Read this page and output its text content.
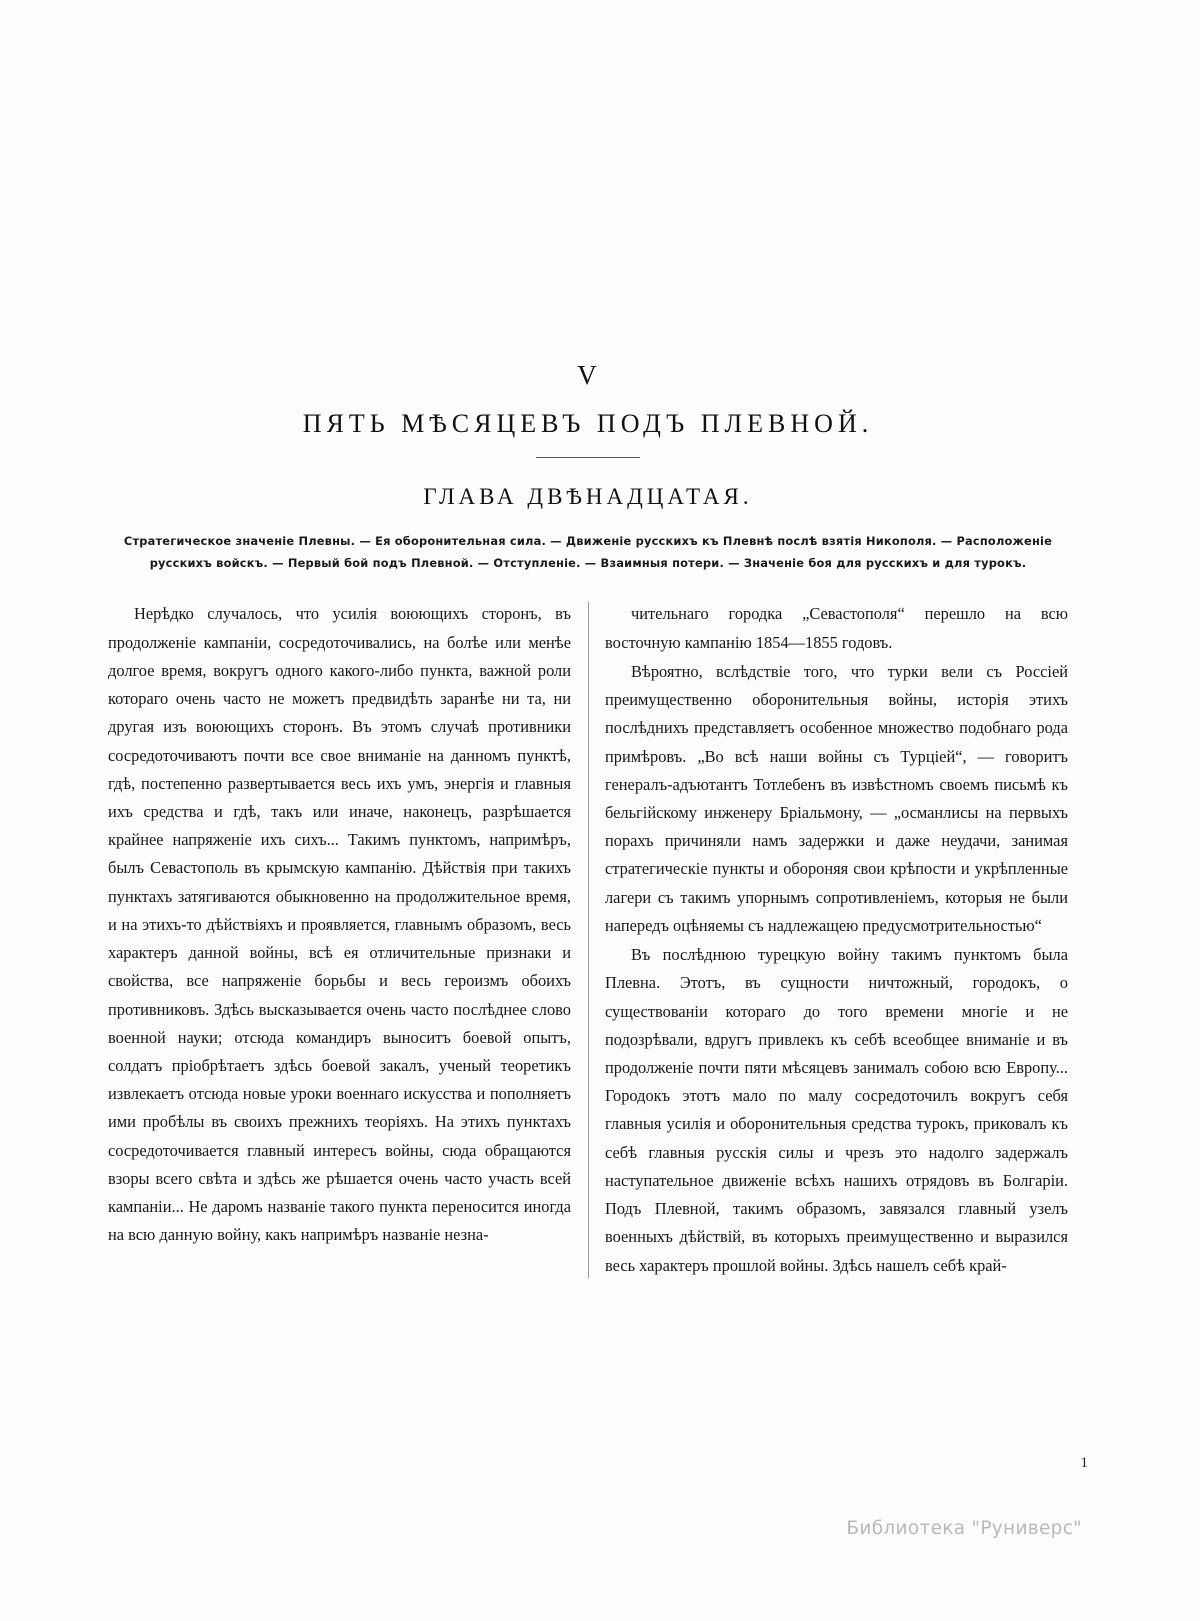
V
ПЯТЬ МѢСЯЦЕВЪ ПОДЪ ПЛЕВНОЙ.
ГЛАВА ДВѢНАДЦАТАЯ.
Стратегическое значеніе Плевны. — Ея оборонительная сила. — Движеніе русскихъ къ Плевнѣ послѣ взятія Никополя. — Расположеніе русскихъ войскъ. — Первый бой подъ Плевной. — Отступленіе. — Взаимныя потери. — Значеніе боя для русскихъ и для турокъ.

Нерѣдко случалось, что усилія воюющихъ сторонъ, въ продолженіе кампаніи, сосредоточивались, на болѣе или менѣе долгое время, вокругъ одного какого-либо пункта, важной роли котораго очень часто не можетъ предвидѣть заранѣе ни та, ни другая изъ воюющихъ сторонъ. Въ этомъ случаѣ противники сосредоточиваютъ почти все свое вниманіе на данномъ пунктѣ, гдѣ, постепенно развертывается весь ихъ умъ, энергія и главныя ихъ средства и гдѣ, такъ или иначе, наконецъ, разрѣшается крайнее напряженіе ихъ сихъ... Такимъ пунктомъ, напримѣръ, былъ Севастополь въ крымскую кампанію. Дѣйствія при такихъ пунктахъ затягиваются обыкновенно на продолжительное время, и на этихъ-то дѣйствіяхъ и проявляется, главнымъ образомъ, весь характеръ данной войны, всѣ ея отличительные признаки и свойства, все напряженіе борьбы и весь героизмъ обоихъ противниковъ. Здѣсь высказывается очень часто послѣднее слово военной науки; отсюда командиръ выноситъ боевой опытъ, солдатъ пріобрѣтаетъ здѣсь боевой закалъ, ученый теоретикъ извлекаетъ отсюда новые уроки военнаго искусства и пополняетъ ими пробѣлы въ своихъ прежнихъ теоріяхъ. На этихъ пунктахъ сосредоточивается главный интересъ войны, сюда обращаются взоры всего свѣта и здѣсь же рѣшается очень часто участь всей кампаніи... Не даромъ названіе такого пункта переносится иногда на всю данную войну, какъ напримѣръ названіе незна-

чительнаго городка „Севастополя“ перешло на всю восточную кампанію 1854—1855 годовъ.

Вѣроятно, вслѣдствіе того, что турки вели съ Россіей преимущественно оборонительныя войны, исторія этихъ послѣднихъ представляетъ особенное множество подобнаго рода примѣровъ. „Во всѣ наши войны съ Турціей“, — говоритъ генералъ-адъютантъ Тотлебенъ въ извѣстномъ своемъ письмѣ къ бельгійскому инженеру Бріальмону, — „османлисы на первыхъ порахъ причиняли намъ задержки и даже неудачи, занимая стратегическіе пункты и обороняя свои крѣпости и укрѣпленные лагери съ такимъ упорнымъ сопротивленіемъ, которыя не были напередъ оцѣняемы съ надлежащею предусмотрительностью“

Въ послѣднюю турецкую войну такимъ пунктомъ была Плевна. Этотъ, въ сущности ничтожный, городокъ, о существованіи котораго до того времени многіе и не подозрѣвали, вдругъ привлекъ къ себѣ всеобщее вниманіе и въ продолженіе почти пяти мѣсяцевъ занималъ собою всю Европу... Городокъ этотъ мало по малу сосредоточилъ вокругъ себя главныя усилія и оборонительныя средства турокъ, приковалъ къ себѣ главныя русскія силы и чрезъ это надолго задержалъ наступательное движеніе всѣхъ нашихъ отрядовъ въ Болгаріи. Подъ Плевной, такимъ образомъ, завязался главный узелъ военныхъ дѣйствій, въ которыхъ преимущественно и выразился весь характеръ прошлой войны. Здѣсь нашелъ себѣ край-

1
Библиотека "Руниверс"
